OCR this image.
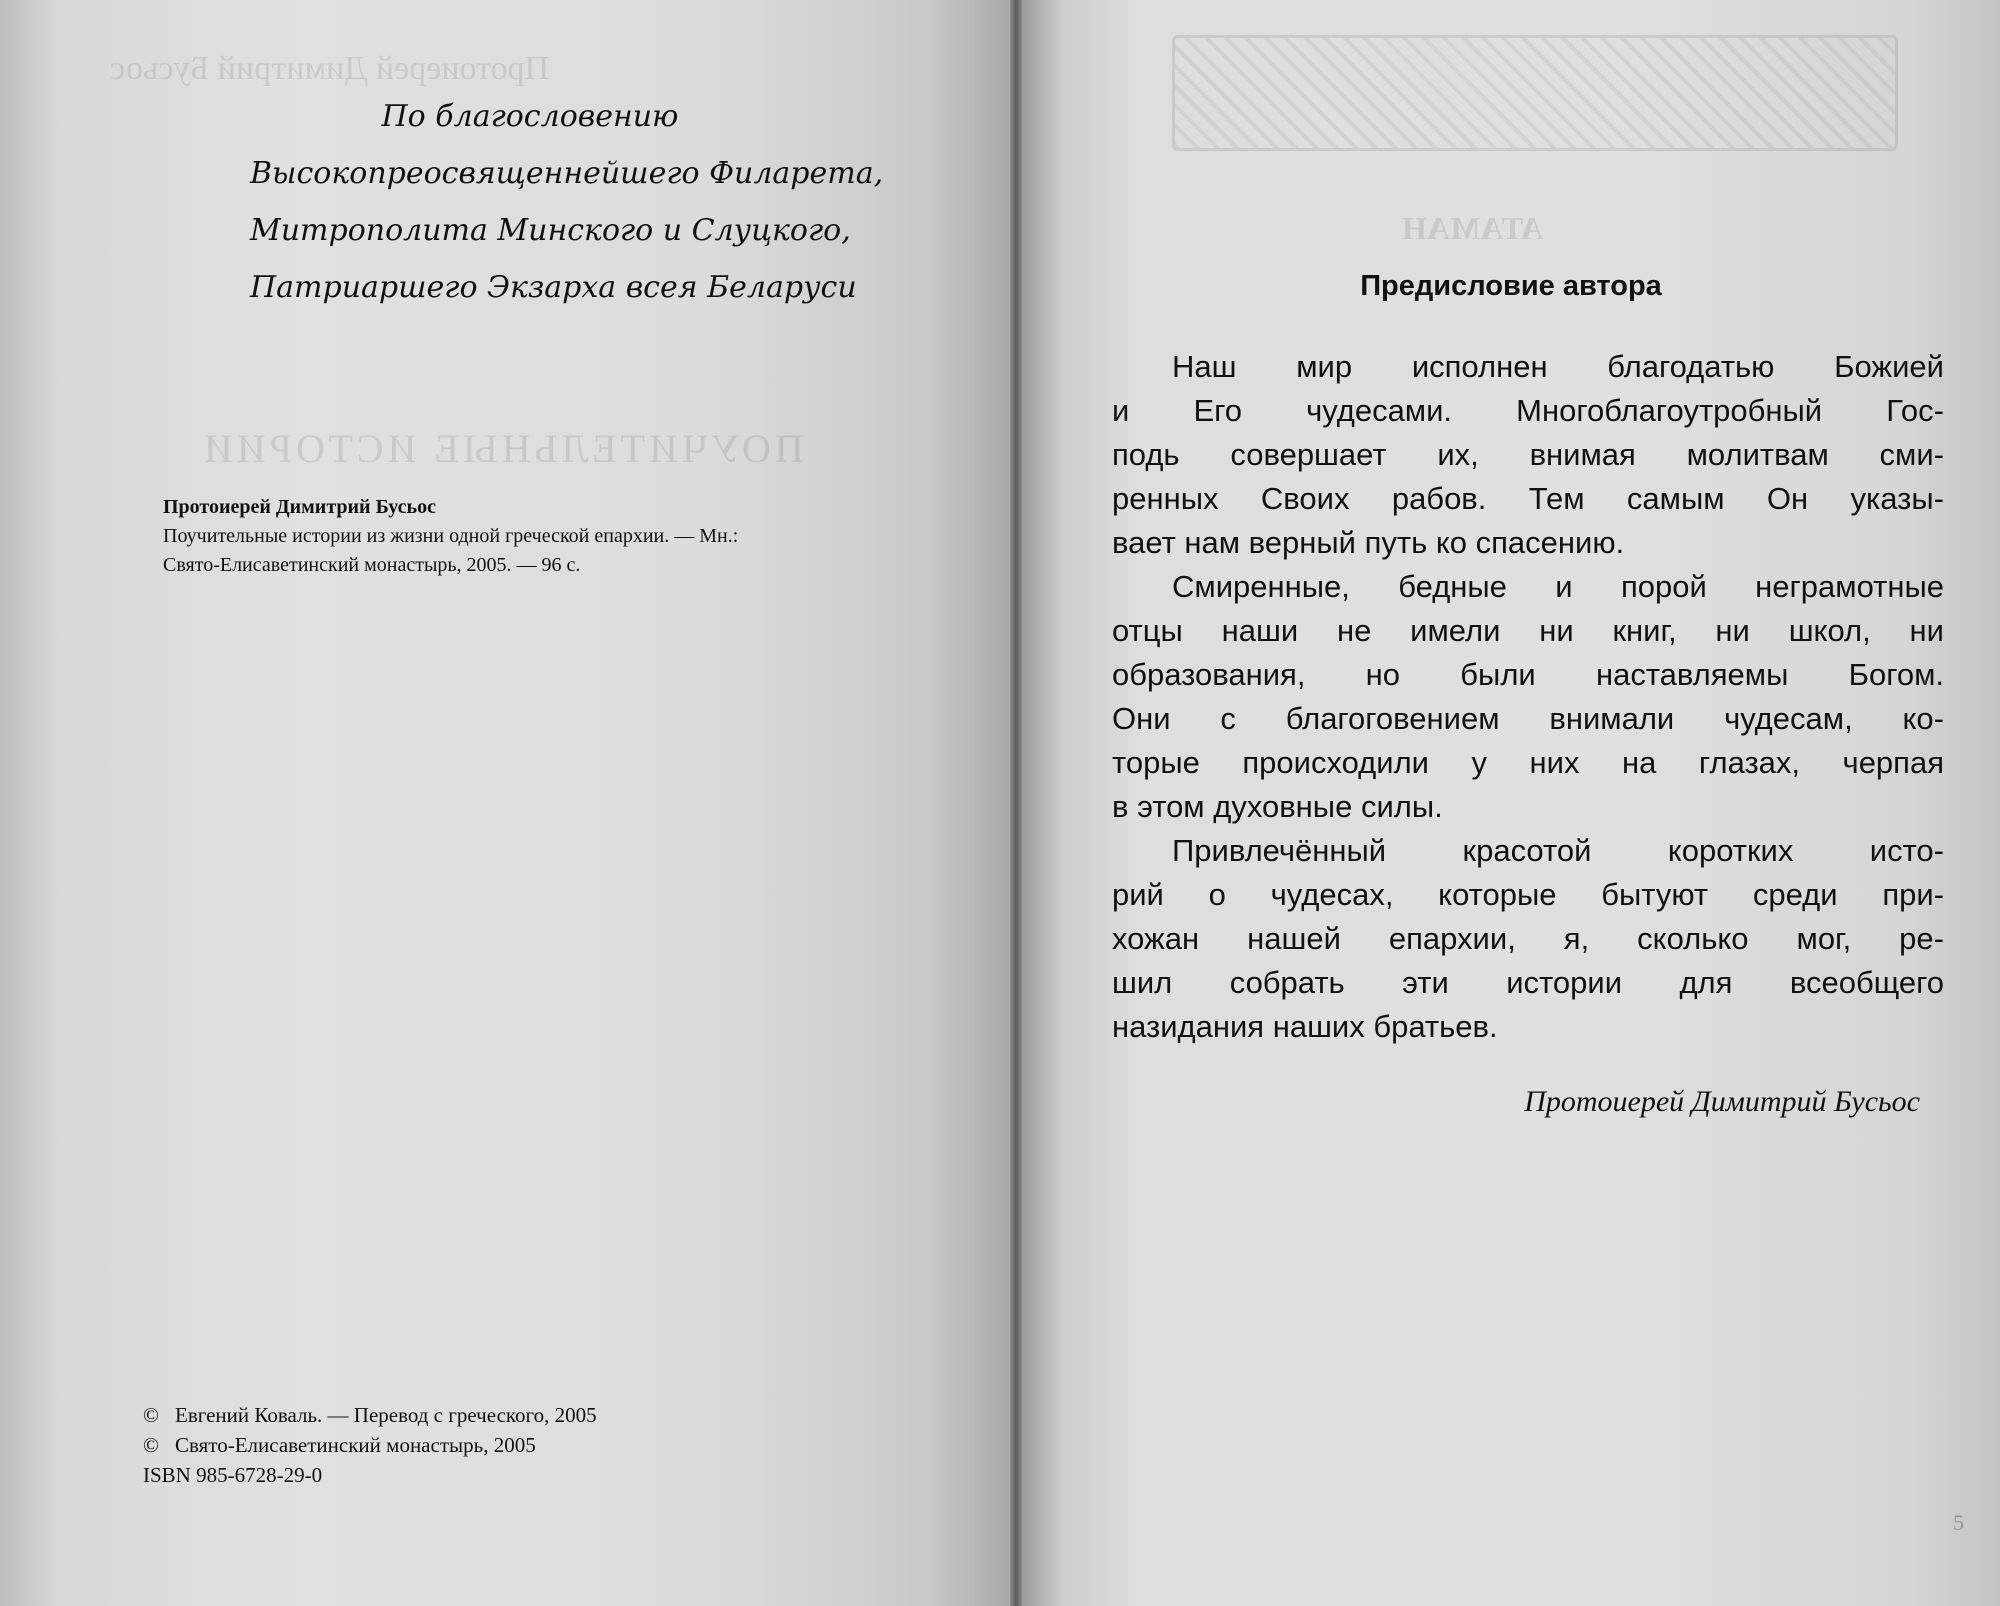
Протоиерей Димитрий Бусьос
ПОУЧИТЕЛЬНЫЕ ИСТОРИИ
По благословению
Высокопреосвященнейшего Филарета,
Митрополита Минского и Слуцкого,
Патриаршего Экзарха всея Беларуси
Протоиерей Димитрий Бусьос
Поучительные истории из жизни одной греческой епархии. — Мн.:
Свято-Елисаветинский монастырь, 2005. — 96 с.
© Евгений Коваль. — Перевод с греческого, 2005
© Свято-Елисаветинский монастырь, 2005
ISBN 985-6728-29-0
АТАМАН
Предисловие автора
Наш мир исполнен благодатью Божией
и Его чудесами. Многоблагоутробный Гос-
подь совершает их, внимая молитвам сми-
ренных Своих рабов. Тем самым Он указы-
вает нам верный путь ко спасению.
Смиренные, бедные и порой неграмотные
отцы наши не имели ни книг, ни школ, ни
образования, но были наставляемы Богом.
Они с благоговением внимали чудесам, ко-
торые происходили у них на глазах, черпая
в этом духовные силы.
Привлечённый красотой коротких исто-
рий о чудесах, которые бытуют среди при-
хожан нашей епархии, я, сколько мог, ре-
шил собрать эти истории для всеобщего
назидания наших братьев.
Протоиерей Димитрий Бусьос
5
